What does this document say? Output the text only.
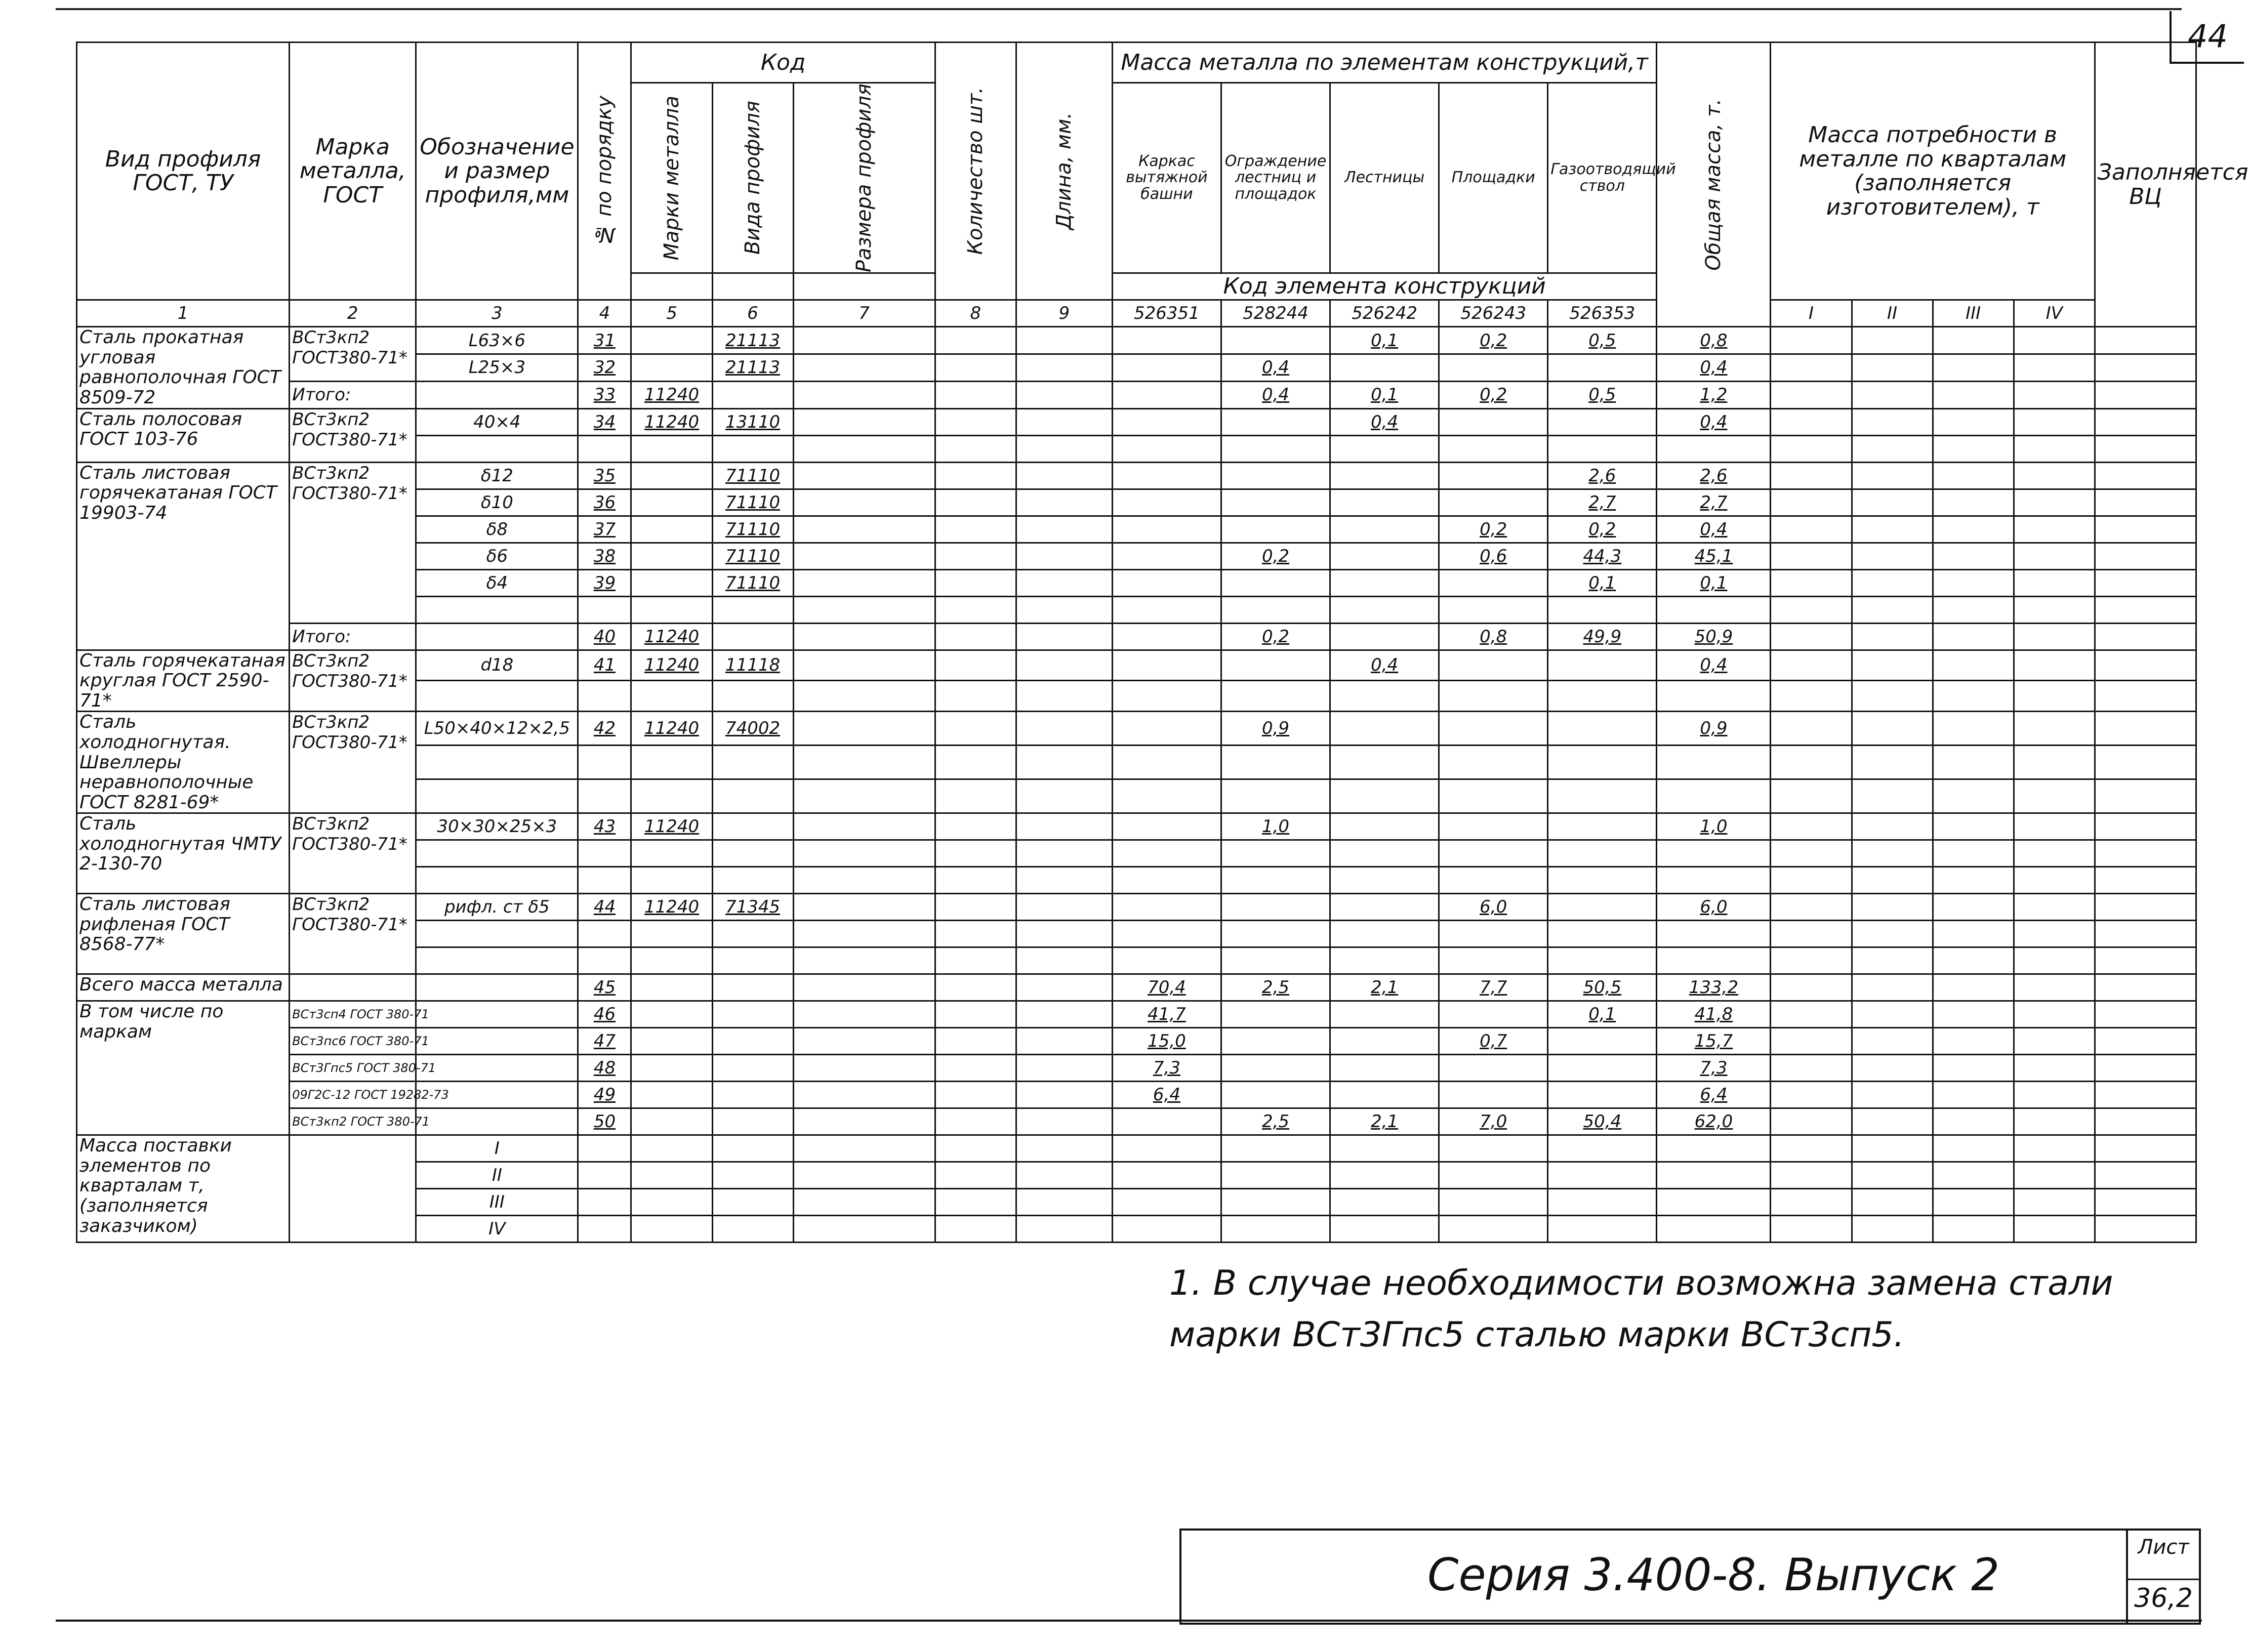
44
Вид профиля ГОСТ, ТУ	Марка металла, ГОСТ	Обозначение и размер профиля,мм	№ по порядку	Код			Количество шт.	Длина, мм.	Масса металла по элементам конструкций,т					Общая масса, т.	Масса потребности в металле по кварталам (заполняется изготовителем), т				Заполняется ВЦ

				Марки металла	Вида профиля	Размера профиля			Каркас вытяжной башни	Ограждение лестниц и площадок	Лестницы	Площадки	Газоотводящий ствол						
									Код элемента конструкций										
1	2	3	4	5	6	7	8	9	526351	528244	526242	526243	526353		I	II	III	IV	
Сталь прокатная угловая равнополочная ГОСТ 8509-72	ВСт3кп2 ГОСТ380-71*	L63×6	31		21113						0,1	0,2	0,5	0,8					
		L25×3	32		21113					0,4				0,4					
	Итого:		33	11240						0,4	0,1	0,2	0,5	1,2					
Сталь полосовая ГОСТ 103-76	ВСт3кп2 ГОСТ380-71*	40×4	34	11240	13110						0,4			0,4					

Сталь листовая горячекатаная ГОСТ 19903-74	ВСт3кп2 ГОСТ380-71*	δ12	35		71110								2,6	2,6					
		δ10	36		71110								2,7	2,7					
		δ8	37		71110							0,2	0,2	0,4					
		δ6	38		71110					0,2		0,6	44,3	45,1					
		δ4	39		71110								0,1	0,1					

	Итого:		40	11240						0,2		0,8	49,9	50,9					
Сталь горячекатаная круглая ГОСТ 2590-71*	ВСт3кп2 ГОСТ380-71*	d18	41	11240	11118						0,4			0,4					

Сталь холодногнутая. Швеллеры неравнополочные ГОСТ 8281-69*	ВСт3кп2 ГОСТ380-71*	L50×40×12×2,5	42	11240	74002					0,9				0,9					

Сталь холодногнутая ЧМТУ 2-130-70	ВСт3кп2 ГОСТ380-71*	30×30×25×3	43	11240						1,0				1,0					

Сталь листовая рифленая ГОСТ 8568-77*	ВСт3кп2 ГОСТ380-71*	рифл. ст δ5	44	11240	71345							6,0		6,0					

Всего масса металла			45						70,4	2,5	2,1	7,7	50,5	133,2					
В том числе по маркам	ВСт3сп4 ГОСТ 380-71		46						41,7				0,1	41,8					
	ВСт3пс6 ГОСТ 380-71		47						15,0			0,7		15,7					
	ВСт3Гпс5 ГОСТ 380-71		48						7,3					7,3					
	09Г2С-12 ГОСТ 19282-73		49						6,4					6,4					
	ВСт3кп2 ГОСТ 380-71		50							2,5	2,1	7,0	50,4	62,0					
Масса поставки элементов по кварталам т, (заполняется заказчиком)		I																	
		II																	
		III																	
		IV																	
1. В случае необходимости возможна замена стали марки ВСт3Гпс5 сталью марки ВСт3сп5.
Серия 3.400-8. Выпуск 2
Лист
36,2
